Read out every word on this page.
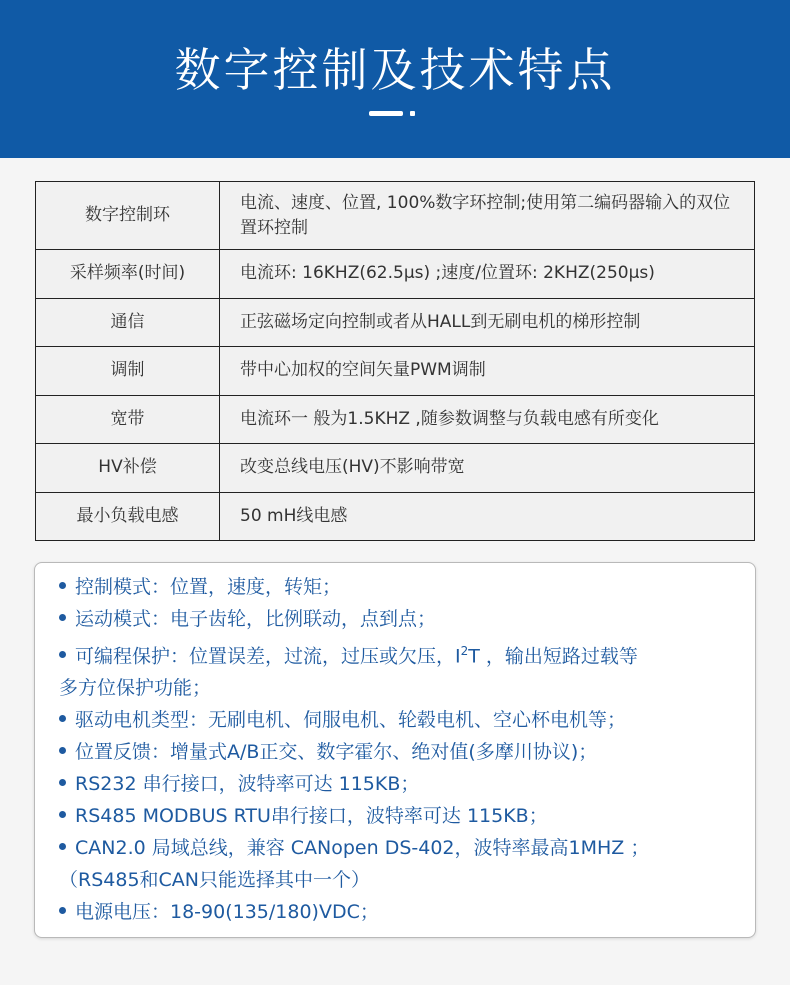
数字控制及技术特点
数字控制环	电流、速度、位置, 100%数字环控制;使用第二编码器输入的双位置环控制
采样频率(时间)	电流环: 16KHZ(62.5μs) ;速度/位置环: 2KHZ(250μs)
通信	正弦磁场定向控制或者从HALL到无刷电机的梯形控制
调制	带中心加权的空间矢量PWM调制
宽带	电流环一 般为1.5KHZ ,随参数调整与负载电感有所变化
HV补偿	改变总线电压(HV)不影响带宽
最小负载电感	50 mH线电感
控制模式：位置，速度，转矩；
运动模式：电子齿轮，比例联动，点到点；
可编程保护：位置误差，过流，过压或欠压，$I^2T$ ，输出短路过载等
多方位保护功能；
驱动电机类型：无刷电机、伺服电机、轮毂电机、空心杯电机等；
位置反馈：增量式A/B正交、数字霍尔、绝对值(多摩川协议)；
RS232 串行接口，波特率可达 115KB；
RS485 MODBUS RTU串行接口，波特率可达 115KB；
CAN2.0 局域总线，兼容 CANopen DS-402，波特率最高1MHZ ；
（RS485和CAN只能选择其中一个）
电源电压：18-90(135/180)VDC；
